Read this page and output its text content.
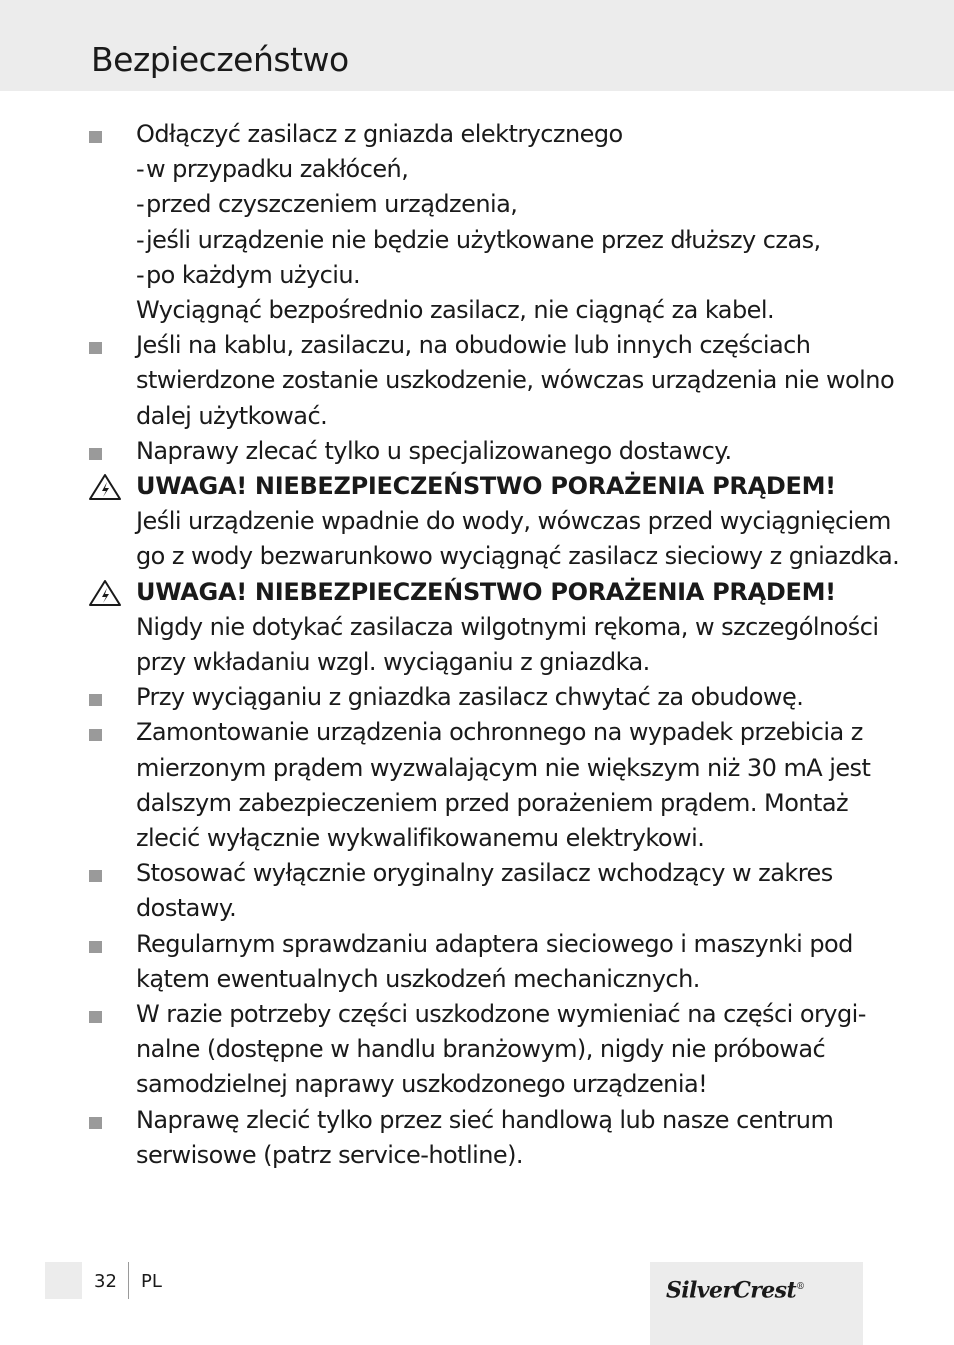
Bezpieczeństwo
Odłączyć zasilacz z gniazda elektrycznego
-w przypadku zakłóceń,
-przed czyszczeniem urządzenia,
-jeśli urządzenie nie będzie użytkowane przez dłuższy czas,
-po każdym użyciu.
Wyciągnąć bezpośrednio zasilacz, nie ciągnąć za kabel.
Jeśli na kablu, zasilaczu, na obudowie lub innych częściach
stwierdzone zostanie uszkodzenie, wówczas urządzenia nie wolno
dalej użytkować.
Naprawy zlecać tylko u specjalizowanego dostawcy.
UWAGA! NIEBEZPIECZEŃSTWO PORAŻENIA PRĄDEM!
Jeśli urządzenie wpadnie do wody, wówczas przed wyciągnięciem
go z wody bezwarunkowo wyciągnąć zasilacz sieciowy z gniazdka.
UWAGA! NIEBEZPIECZEŃSTWO PORAŻENIA PRĄDEM!
Nigdy nie dotykać zasilacza wilgotnymi rękoma, w szczególności
przy wkładaniu wzgl. wyciąganiu z gniazdka.
Przy wyciąganiu z gniazdka zasilacz chwytać za obudowę.
Zamontowanie urządzenia ochronnego na wypadek przebicia z
mierzonym prądem wyzwalającym nie większym niż 30 mA jest
dalszym zabezpieczeniem przed porażeniem prądem. Montaż
zlecić wyłącznie wykwalifikowanemu elektrykowi.
Stosować wyłącznie oryginalny zasilacz wchodzący w zakres
dostawy.
Regularnym sprawdzaniu adaptera sieciowego i maszynki pod
kątem ewentualnych uszkodzeń mechanicznych.
W razie potrzeby części uszkodzone wymieniać na części orygi-
nalne (dostępne w handlu branżowym), nigdy nie próbować
samodzielnej naprawy uszkodzonego urządzenia!
Naprawę zlecić tylko przez sieć handlową lub nasze centrum
serwisowe (patrz service-hotline).
32 PL	SilverCrest®
